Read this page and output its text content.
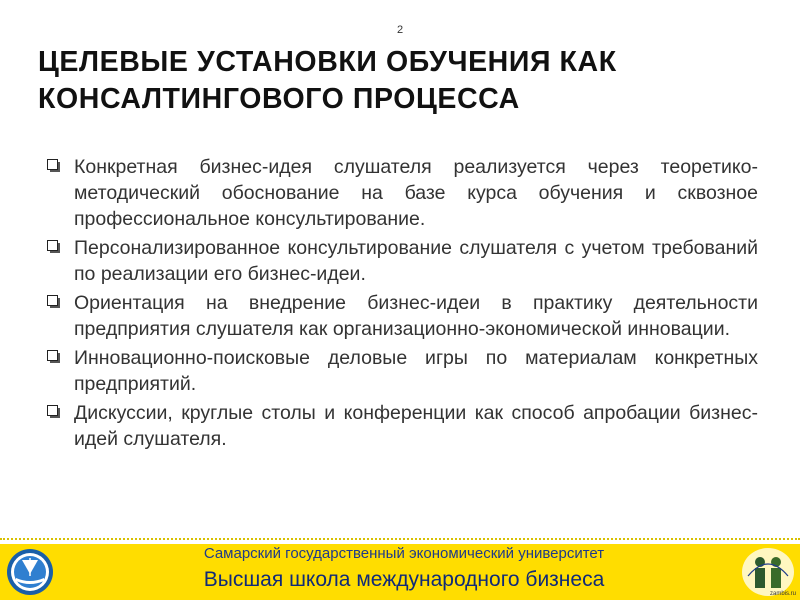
2
ЦЕЛЕВЫЕ УСТАНОВКИ ОБУЧЕНИЯ КАК КОНСАЛТИНГОВОГО ПРОЦЕССА
Конкретная бизнес-идея слушателя реализуется через теоретико-методический обоснование на базе курса обучения и сквозное профессиональное консультирование.
Персонализированное консультирование слушателя с учетом требований по реализации его бизнес-идеи.
Ориентация на внедрение бизнес-идеи в практику деятельности предприятия слушателя как организационно-экономической инновации.
Инновационно-поисковые деловые игры по материалам конкретных предприятий.
Дискуссии, круглые столы и конференции как способ апробации бизнес-идей слушателя.
Самарский государственный экономический университет
Высшая школа международного бизнеса
zambis.ru
